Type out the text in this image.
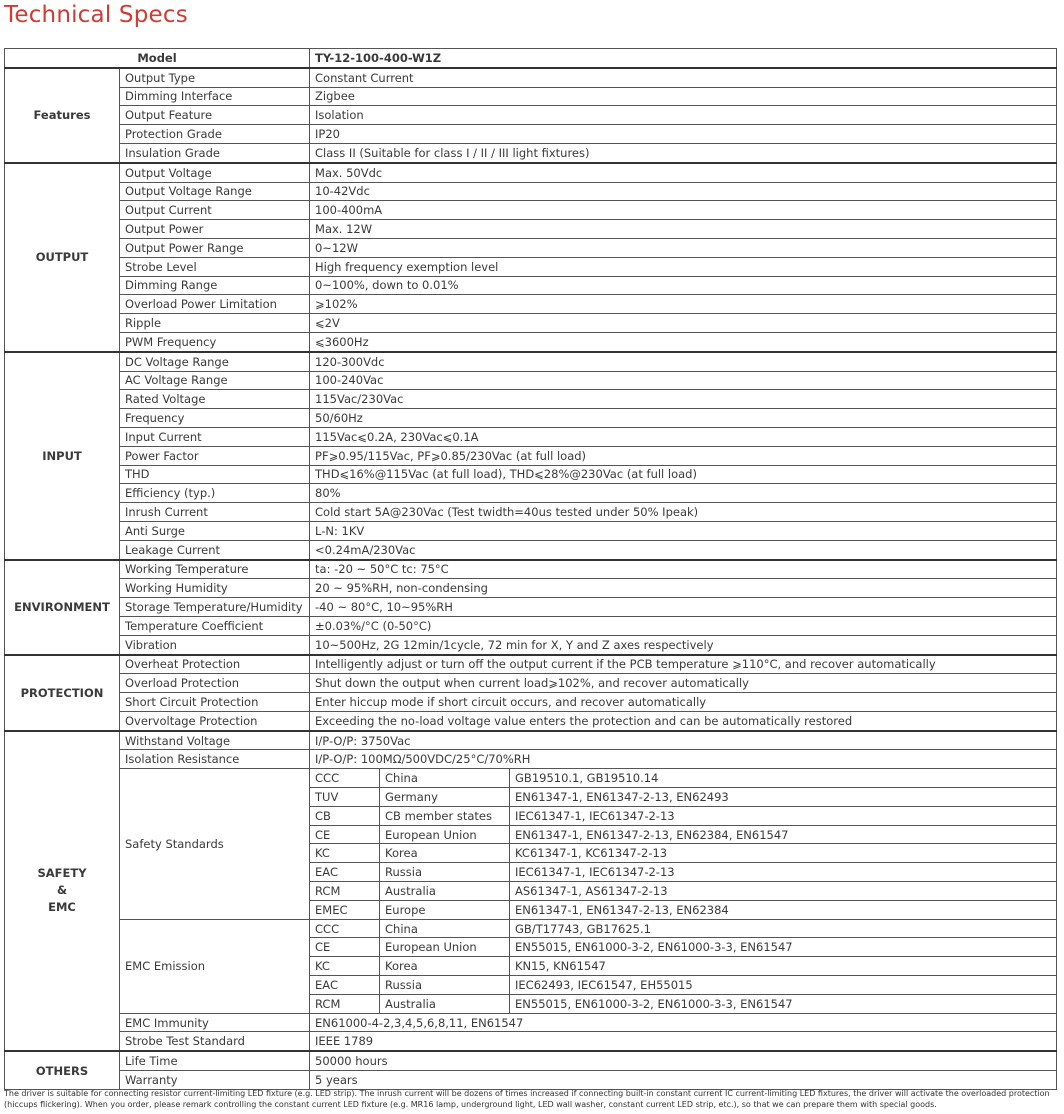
Technical Specs
Model		TY-12-100-400-W1Z		
Features	Output Type	Constant Current		
	Dimming Interface	Zigbee		
	Output Feature	Isolation		
	Protection Grade	IP20		
	Insulation Grade	Class II (Suitable for class I / II / III light fixtures)		
OUTPUT	Output Voltage	Max. 50Vdc		
	Output Voltage Range	10-42Vdc		
	Output Current	100-400mA		
	Output Power	Max. 12W		
	Output Power Range	0~12W		
	Strobe Level	High frequency exemption level		
	Dimming Range	0~100%, down to 0.01%		
	Overload Power Limitation	⩾102%		
	Ripple	⩽2V		
	PWM Frequency	⩽3600Hz		
INPUT	DC Voltage Range	120-300Vdc		
	AC Voltage Range	100-240Vac		
	Rated Voltage	115Vac/230Vac		
	Frequency	50/60Hz		
	Input Current	115Vac⩽0.2A, 230Vac⩽0.1A		
	Power Factor	PF⩾0.95/115Vac, PF⩾0.85/230Vac (at full load)		
	THD	THD⩽16%@115Vac (at full load), THD⩽28%@230Vac (at full load)		
	Efficiency (typ.)	80%		
	Inrush Current	Cold start 5A@230Vac (Test twidth=40us tested under 50% Ipeak)		
	Anti Surge	L-N: 1KV		
	Leakage Current	<0.24mA/230Vac		
ENVIRONMENT	Working Temperature	ta: -20 ~ 50°C tc: 75°C		
	Working Humidity	20 ~ 95%RH, non-condensing		
	Storage Temperature/Humidity	-40 ~ 80°C, 10~95%RH		
	Temperature Coefficient	±0.03%/°C (0-50°C)		
	Vibration	10~500Hz, 2G 12min/1cycle, 72 min for X, Y and Z axes respectively		
PROTECTION	Overheat Protection	Intelligently adjust or turn off the output current if the PCB temperature ⩾110°C, and recover automatically		
	Overload Protection	Shut down the output when current load⩾102%, and recover automatically		
	Short Circuit Protection	Enter hiccup mode if short circuit occurs, and recover automatically		
	Overvoltage Protection	Exceeding the no-load voltage value enters the protection and can be automatically restored		

SAFETY
&
EMC	Withstand Voltage	I/P-O/P: 3750Vac		
	Isolation Resistance	I/P-O/P: 100MΩ/500VDC/25°C/70%RH		
	Safety Standards	CCC	China	GB19510.1, GB19510.14
		TUV	Germany	EN61347-1, EN61347-2-13, EN62493
		CB	CB member states	IEC61347-1, IEC61347-2-13
		CE	European Union	EN61347-1, EN61347-2-13, EN62384, EN61547
		KC	Korea	KC61347-1, KC61347-2-13
		EAC	Russia	IEC61347-1, IEC61347-2-13
		RCM	Australia	AS61347-1, AS61347-2-13
		EMEC	Europe	EN61347-1, EN61347-2-13, EN62384
	EMC Emission	CCC	China	GB/T17743, GB17625.1
		CE	European Union	EN55015, EN61000-3-2, EN61000-3-3, EN61547
		KC	Korea	KN15, KN61547
		EAC	Russia	IEC62493, IEC61547, EH55015
		RCM	Australia	EN55015, EN61000-3-2, EN61000-3-3, EN61547
	EMC Immunity	EN61000-4-2,3,4,5,6,8,11, EN61547		
	Strobe Test Standard	IEEE 1789		
OTHERS	Life Time	50000 hours		
	Warranty	5 years		
The driver is suitable for connecting resistor current-limiting LED fixture (e.g. LED strip). The inrush current will be dozens of times increased if connecting built-in constant current IC current-limiting LED fixtures, the driver will activate the overloaded protection (hiccups flickering). When you order, please remark controlling the constant current LED fixture (e.g. MR16 lamp, underground light, LED wall washer, constant current LED strip, etc.), so that we can prepare them with special goods.
